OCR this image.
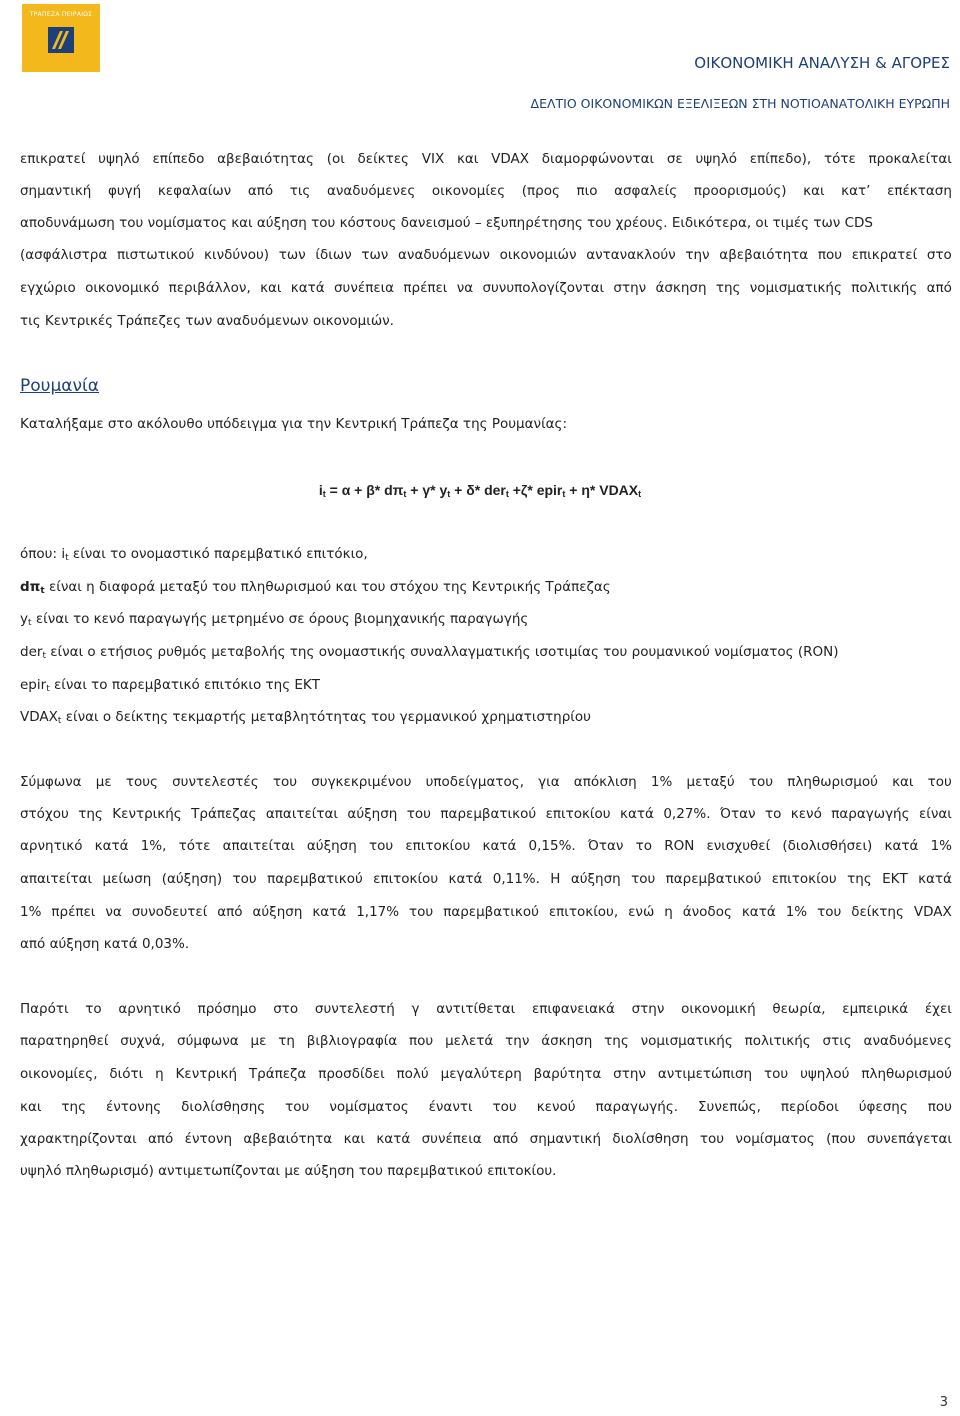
ΤΡΑΠΕΖΑ ΠΕΙΡΑΙΩΣ
ΟΙΚΟΝΟΜΙΚΗ ΑΝΑΛΥΣΗ & ΑΓΟΡΕΣ
ΔΕΛΤΙΟ ΟΙΚΟΝΟΜΙΚΩΝ ΕΞΕΛΙΞΕΩΝ ΣΤΗ ΝΟΤΙΟΑΝΑΤΟΛΙΚΗ ΕΥΡΩΠΗ
επικρατεί υψηλό επίπεδο αβεβαιότητας (οι δείκτες VIX και VDAX διαμορφώνονται σε υψηλό επίπεδο), τότε προκαλείται
σημαντική φυγή κεφαλαίων από τις αναδυόμενες οικονομίες (προς πιο ασφαλείς προορισμούς) και κατ’ επέκταση
αποδυνάμωση του νομίσματος και αύξηση του κόστους δανεισμού – εξυπηρέτησης του χρέους. Ειδικότερα, οι τιμές των CDS
(ασφάλιστρα πιστωτικού κινδύνου) των ίδιων των αναδυόμενων οικονομιών αντανακλούν την αβεβαιότητα που επικρατεί στο
εγχώριο οικονομικό περιβάλλον, και κατά συνέπεια πρέπει να συνυπολογίζονται στην άσκηση της νομισματικής πολιτικής από
τις Κεντρικές Τράπεζες των αναδυόμενων οικονομιών.
Ρουμανία
Καταλήξαμε στο ακόλουθο υπόδειγμα για την Κεντρική Τράπεζα της Ρουμανίας:
$i_t = \alpha + \beta*$ $d\pi_t + \gamma*$ $y_t + \delta*$ der$_t$ +ζ* epir$_t$ + η* $VDAX_t$
όπου: $i_t$ είναι το ονομαστικό παρεμβατικό επιτόκιο,
$d\pi_t$ είναι η διαφορά μεταξύ του πληθωρισμού και του στόχου της Κεντρικής Τράπεζας
$y_t$ είναι το κενό παραγωγής μετρημένο σε όρους βιομηχανικής παραγωγής
der$_t$ είναι ο ετήσιος ρυθμός μεταβολής της ονομαστικής συναλλαγματικής ισοτιμίας του ρουμανικού νομίσματος (RON)
epir$_t$ είναι το παρεμβατικό επιτόκιο της ΕΚΤ
$VDAX_t$ είναι ο δείκτης τεκμαρτής μεταβλητότητας του γερμανικού χρηματιστηρίου
Σύμφωνα με τους συντελεστές του συγκεκριμένου υποδείγματος, για απόκλιση 1% μεταξύ του πληθωρισμού και του
στόχου της Κεντρικής Τράπεζας απαιτείται αύξηση του παρεμβατικού επιτοκίου κατά 0,27%. Όταν το κενό παραγωγής είναι
αρνητικό κατά 1%, τότε απαιτείται αύξηση του επιτοκίου κατά 0,15%. Όταν το RON ενισχυθεί (διολισθήσει) κατά 1%
απαιτείται μείωση (αύξηση) του παρεμβατικού επιτοκίου κατά 0,11%. Η αύξηση του παρεμβατικού επιτοκίου της ΕΚΤ κατά
1% πρέπει να συνοδευτεί από αύξηση κατά 1,17% του παρεμβατικού επιτοκίου, ενώ η άνοδος κατά 1% του δείκτης VDAX
από αύξηση κατά 0,03%.
Παρότι το αρνητικό πρόσημο στο συντελεστή γ αντιτίθεται επιφανειακά στην οικονομική θεωρία, εμπειρικά έχει
παρατηρηθεί συχνά, σύμφωνα με τη βιβλιογραφία που μελετά την άσκηση της νομισματικής πολιτικής στις αναδυόμενες
οικονομίες, διότι η Κεντρική Τράπεζα προσδίδει πολύ μεγαλύτερη βαρύτητα στην αντιμετώπιση του υψηλού πληθωρισμού
και της έντονης διολίσθησης του νομίσματος έναντι του κενού παραγωγής. Συνεπώς, περίοδοι ύφεσης που
χαρακτηρίζονται από έντονη αβεβαιότητα και κατά συνέπεια από σημαντική διολίσθηση του νομίσματος (που συνεπάγεται
υψηλό πληθωρισμό) αντιμετωπίζονται με αύξηση του παρεμβατικού επιτοκίου.
3
